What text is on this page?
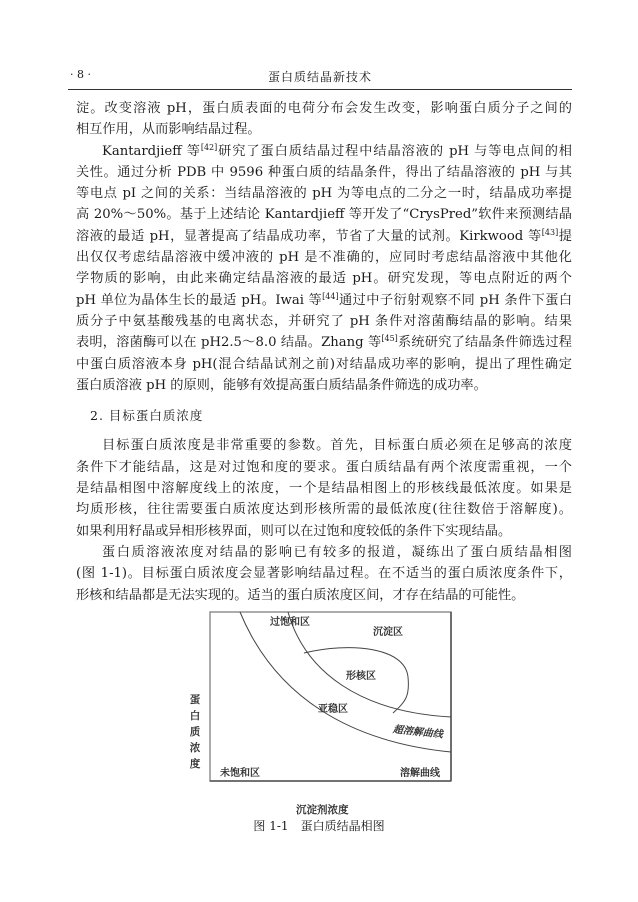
· 8 ·	蛋白质结晶新技术
淀。改变溶液 pH，蛋白质表面的电荷分布会发生改变，影响蛋白质分子之间的
相互作用，从而影响结晶过程。
Kantardjieff 等[42]研究了蛋白质结晶过程中结晶溶液的 pH 与等电点间的相
关性。通过分析 PDB 中 9596 种蛋白质的结晶条件，得出了结晶溶液的 pH 与其
等电点 pI 之间的关系：当结晶溶液的 pH 为等电点的二分之一时，结晶成功率提
高 20%～50%。基于上述结论 Kantardjieff 等开发了“CrysPred”软件来预测结晶
溶液的最适 pH，显著提高了结晶成功率，节省了大量的试剂。Kirkwood 等[43]提
出仅仅考虑结晶溶液中缓冲液的 pH 是不准确的，应同时考虑结晶溶液中其他化
学物质的影响，由此来确定结晶溶液的最适 pH。研究发现，等电点附近的两个
pH 单位为晶体生长的最适 pH。Iwai 等[44]通过中子衍射观察不同 pH 条件下蛋白
质分子中氨基酸残基的电离状态，并研究了 pH 条件对溶菌酶结晶的影响。结果
表明，溶菌酶可以在 pH2.5～8.0 结晶。Zhang 等[45]系统研究了结晶条件筛选过程
中蛋白质溶液本身 pH(混合结晶试剂之前)对结晶成功率的影响，提出了理性确定
蛋白质溶液 pH 的原则，能够有效提高蛋白质结晶条件筛选的成功率。
2. 目标蛋白质浓度
目标蛋白质浓度是非常重要的参数。首先，目标蛋白质必须在足够高的浓度
条件下才能结晶，这是对过饱和度的要求。蛋白质结晶有两个浓度需重视，一个
是结晶相图中溶解度线上的浓度，一个是结晶相图上的形核线最低浓度。如果是
均质形核，往往需要蛋白质浓度达到形核所需的最低浓度(往往数倍于溶解度)。
如果利用籽晶或异相形核界面，则可以在过饱和度较低的条件下实现结晶。
蛋白质溶液浓度对结晶的影响已有较多的报道，凝练出了蛋白质结晶相图
(图 1-1)。目标蛋白质浓度会显著影响结晶过程。在不适当的蛋白质浓度条件下，
形核和结晶都是无法实现的。适当的蛋白质浓度区间，才存在结晶的可能性。
蛋白质浓度
过饱和区
沉淀区
形核区
亚稳区
超溶解曲线
未饱和区	溶解曲线
沉淀剂浓度
图 1-1 蛋白质结晶相图
